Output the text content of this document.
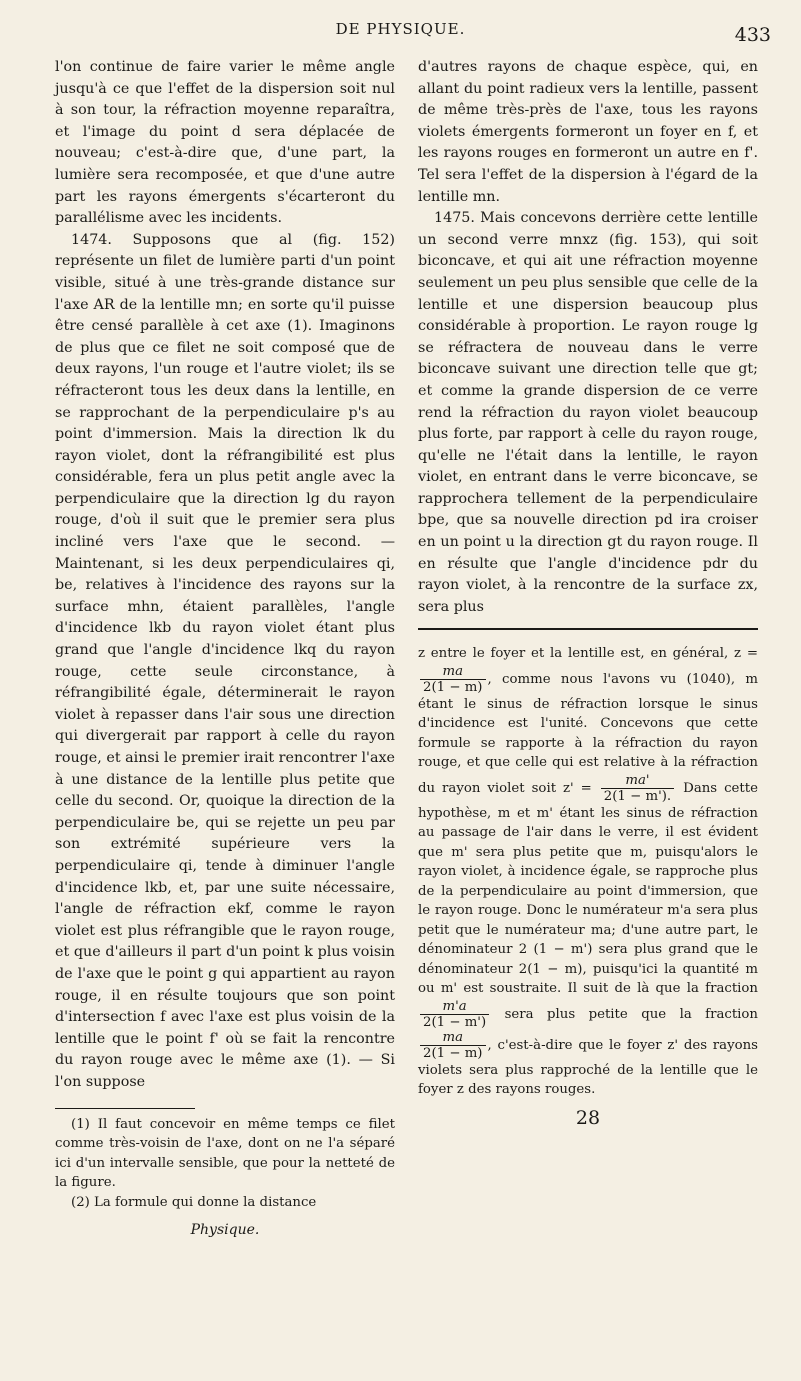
DE PHYSIQUE.	433

l'on continue de faire varier le même angle jusqu'à ce que l'effet de la dispersion soit nul à son tour, la réfraction moyenne reparaîtra, et l'image du point d sera déplacée de nouveau; c'est-à-dire que, d'une part, la lumière sera recomposée, et que d'une autre part les rayons émergents s'écarteront du parallélisme avec les incidents.

1474. Supposons que al (fig. 152) représente un filet de lumière parti d'un point visible, situé à une très-grande distance sur l'axe AR de la lentille mn; en sorte qu'il puisse être censé parallèle à cet axe (1). Imaginons de plus que ce filet ne soit composé que de deux rayons, l'un rouge et l'autre violet; ils se réfracteront tous les deux dans la lentille, en se rapprochant de la perpendiculaire p's au point d'immersion. Mais la direction lk du rayon violet, dont la réfrangibilité est plus considérable, fera un plus petit angle avec la perpendiculaire que la direction lg du rayon rouge, d'où il suit que le premier sera plus incliné vers l'axe que le second. — Maintenant, si les deux perpendiculaires qi, be, relatives à l'incidence des rayons sur la surface mhn, étaient parallèles, l'angle d'incidence lkb du rayon violet étant plus grand que l'angle d'incidence lkq du rayon rouge, cette seule circonstance, à réfrangibilité égale, déterminerait le rayon violet à repasser dans l'air sous une direction qui divergerait par rapport à celle du rayon rouge, et ainsi le premier irait rencontrer l'axe à une distance de la lentille plus petite que celle du second. Or, quoique la direction de la perpendiculaire be, qui se rejette un peu par son extrémité supérieure vers la perpendiculaire qi, tende à diminuer l'angle d'incidence lkb, et, par une suite nécessaire, l'angle de réfraction ekf, comme le rayon violet est plus réfrangible que le rayon rouge, et que d'ailleurs il part d'un point k plus voisin de l'axe que le point g qui appartient au rayon rouge, il en résulte toujours que son point d'intersection f avec l'axe est plus voisin de la lentille que le point f' où se fait la rencontre du rayon rouge avec le même axe (1). — Si l'on suppose

(1) Il faut concevoir en même temps ce filet comme très-voisin de l'axe, dont on ne l'a séparé ici d'un intervalle sensible, que pour la netteté de la figure.

(2) La formule qui donne la distance

Physique.

d'autres rayons de chaque espèce, qui, en allant du point radieux vers la lentille, passent de même très-près de l'axe, tous les rayons violets émergents formeront un foyer en f, et les rayons rouges en formeront un autre en f'. Tel sera l'effet de la dispersion à l'égard de la lentille mn.

1475. Mais concevons derrière cette lentille un second verre mnxz (fig. 153), qui soit biconcave, et qui ait une réfraction moyenne seulement un peu plus sensible que celle de la lentille et une dispersion beaucoup plus considérable à proportion. Le rayon rouge lg se réfractera de nouveau dans le verre biconcave suivant une direction telle que gt; et comme la grande dispersion de ce verre rend la réfraction du rayon violet beaucoup plus forte, par rapport à celle du rayon rouge, qu'elle ne l'était dans la lentille, le rayon violet, en entrant dans le verre biconcave, se rapprochera tellement de la perpendiculaire bpe, que sa nouvelle direction pd ira croiser en un point u la direction gt du rayon rouge. Il en résulte que l'angle d'incidence pdr du rayon violet, à la rencontre de la surface zx, sera plus

z entre le foyer et la lentille est, en général, z =
$\frac{ma}{2(1 - m)}$ , comme nous l'avons vu (1040), m étant le sinus de réfraction lorsque le sinus d'incidence est l'unité. Concevons que cette formule se rapporte à la réfraction du rayon rouge, et que celle qui est relative à la réfraction du rayon violet soit $z' = \frac{ma'}{2(1 - m').}$ Dans cette hypothèse, m et m' étant les sinus de réfraction au passage de l'air dans le verre, il est évident que m' sera plus petite que m, puisqu'alors le rayon violet, à incidence égale, se rapproche plus de la perpendiculaire au point d'immersion, que le rayon rouge. Donc le numérateur m'a sera plus petit que le numérateur ma; d'une autre part, le dénominateur 2 (1 − m') sera plus grand que le dénominateur 2(1 − m), puisqu'ici la quantité m ou m' est soustraite. Il suit de là que la fraction
$\frac{m'a}{2(1 - m')}$ sera plus petite que la fraction
$\frac{ma}{2(1 - m)}$ , c'est-à-dire que le foyer z' des rayons violets sera plus rapproché de la lentille que le foyer z des rayons rouges.

28
